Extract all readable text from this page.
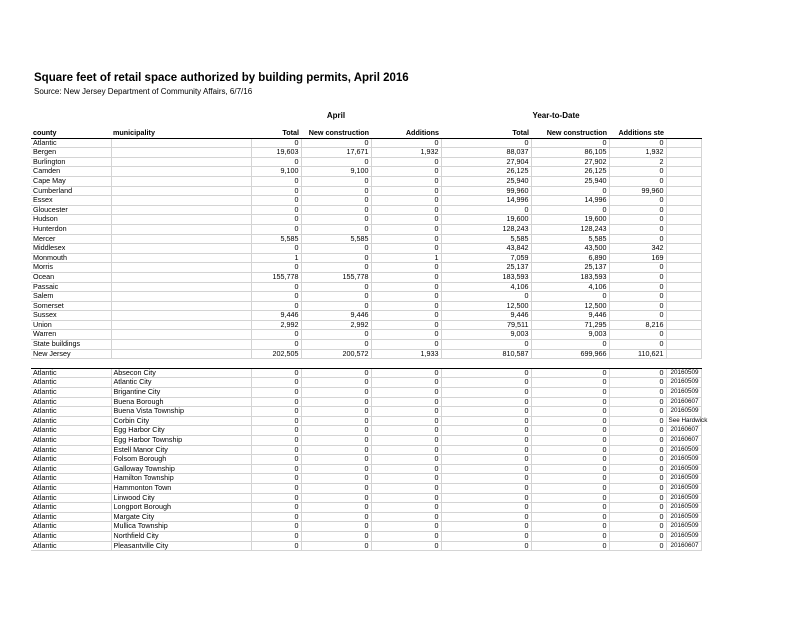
Square feet of retail space authorized by building permits, April 2016
Source: New Jersey Department of Community Affairs, 6/7/16
April	Year-to-Date
county	municipality	Total	New construction	Additions	Total	New construction	Additions ste	
Atlantic		0	0	0	0	0	0	
Bergen		19,603	17,671	1,932	88,037	86,105	1,932	
Burlington		0	0	0	27,904	27,902	2	
Camden		9,100	9,100	0	26,125	26,125	0	
Cape May		0	0	0	25,940	25,940	0	
Cumberland		0	0	0	99,960	0	99,960	
Essex		0	0	0	14,996	14,996	0	
Gloucester		0	0	0	0	0	0	
Hudson		0	0	0	19,600	19,600	0	
Hunterdon		0	0	0	128,243	128,243	0	
Mercer		5,585	5,585	0	5,585	5,585	0	
Middlesex		0	0	0	43,842	43,500	342	
Monmouth		1	0	1	7,059	6,890	169	
Morris		0	0	0	25,137	25,137	0	
Ocean		155,778	155,778	0	183,593	183,593	0	
Passaic		0	0	0	4,106	4,106	0	
Salem		0	0	0	0	0	0	
Somerset		0	0	0	12,500	12,500	0	
Sussex		9,446	9,446	0	9,446	9,446	0	
Union		2,992	2,992	0	79,511	71,295	8,216	
Warren		0	0	0	9,003	9,003	0	
State buildings		0	0	0	0	0	0	
New Jersey		202,505	200,572	1,933	810,587	699,966	110,621	

Atlantic	Absecon City	0	0	0	0	0	0	20160509
Atlantic	Atlantic City	0	0	0	0	0	0	20160509
Atlantic	Brigantine City	0	0	0	0	0	0	20160509
Atlantic	Buena Borough	0	0	0	0	0	0	20160607
Atlantic	Buena Vista Township	0	0	0	0	0	0	20160509
Atlantic	Corbin City	0	0	0	0	0	0	See Hardwick
Atlantic	Egg Harbor City	0	0	0	0	0	0	20160607
Atlantic	Egg Harbor Township	0	0	0	0	0	0	20160607
Atlantic	Estell Manor City	0	0	0	0	0	0	20160509
Atlantic	Folsom Borough	0	0	0	0	0	0	20160509
Atlantic	Galloway Township	0	0	0	0	0	0	20160509
Atlantic	Hamilton Township	0	0	0	0	0	0	20160509
Atlantic	Hammonton Town	0	0	0	0	0	0	20160509
Atlantic	Linwood City	0	0	0	0	0	0	20160509
Atlantic	Longport Borough	0	0	0	0	0	0	20160509
Atlantic	Margate City	0	0	0	0	0	0	20160509
Atlantic	Mullica Township	0	0	0	0	0	0	20160509
Atlantic	Northfield City	0	0	0	0	0	0	20160509
Atlantic	Pleasantville City	0	0	0	0	0	0	20160607
